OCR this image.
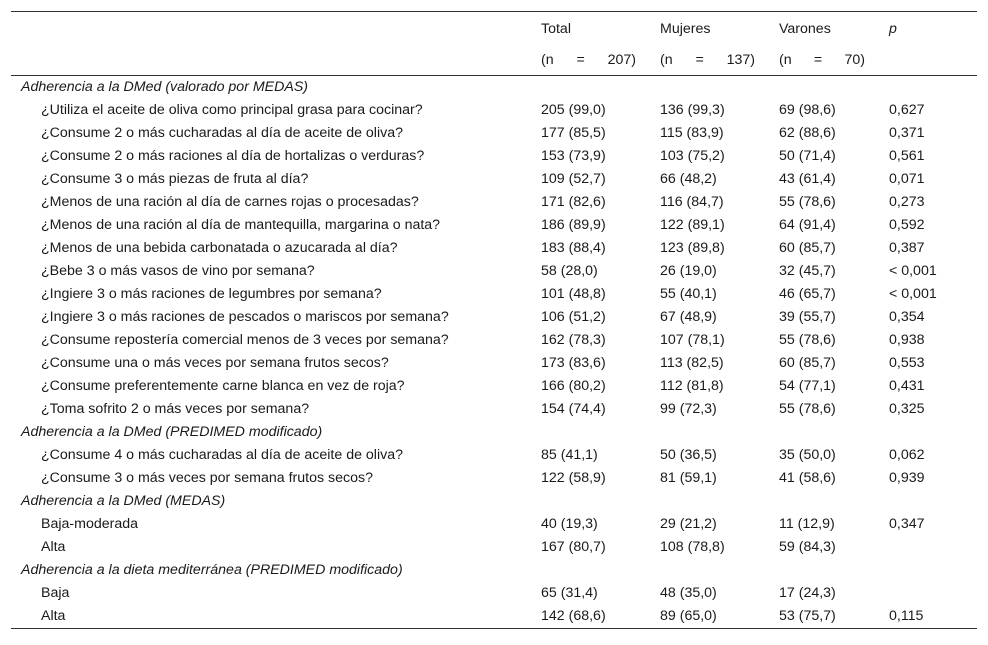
	Total	Mujeres	Varones	p

	(n = 207)	(n = 137)	(n = 70)	

Adherencia a la DMed (valorado por MEDAS)				
¿Utiliza el aceite de oliva como principal grasa para cocinar?	205 (99,0)	136 (99,3)	69 (98,6)	0,627
¿Consume 2 o más cucharadas al día de aceite de oliva?	177 (85,5)	115 (83,9)	62 (88,6)	0,371
¿Consume 2 o más raciones al día de hortalizas o verduras?	153 (73,9)	103 (75,2)	50 (71,4)	0,561
¿Consume 3 o más piezas de fruta al día?	109 (52,7)	66 (48,2)	43 (61,4)	0,071
¿Menos de una ración al día de carnes rojas o procesadas?	171 (82,6)	116 (84,7)	55 (78,6)	0,273
¿Menos de una ración al día de mantequilla, margarina o nata?	186 (89,9)	122 (89,1)	64 (91,4)	0,592
¿Menos de una bebida carbonatada o azucarada al día?	183 (88,4)	123 (89,8)	60 (85,7)	0,387
¿Bebe 3 o más vasos de vino por semana?	58 (28,0)	26 (19,0)	32 (45,7)	< 0,001
¿Ingiere 3 o más raciones de legumbres por semana?	101 (48,8)	55 (40,1)	46 (65,7)	< 0,001
¿Ingiere 3 o más raciones de pescados o mariscos por semana?	106 (51,2)	67 (48,9)	39 (55,7)	0,354
¿Consume repostería comercial menos de 3 veces por semana?	162 (78,3)	107 (78,1)	55 (78,6)	0,938
¿Consume una o más veces por semana frutos secos?	173 (83,6)	113 (82,5)	60 (85,7)	0,553
¿Consume preferentemente carne blanca en vez de roja?	166 (80,2)	112 (81,8)	54 (77,1)	0,431
¿Toma sofrito 2 o más veces por semana?	154 (74,4)	99 (72,3)	55 (78,6)	0,325
Adherencia a la DMed (PREDIMED modificado)				
¿Consume 4 o más cucharadas al día de aceite de oliva?	85 (41,1)	50 (36,5)	35 (50,0)	0,062
¿Consume 3 o más veces por semana frutos secos?	122 (58,9)	81 (59,1)	41 (58,6)	0,939
Adherencia a la DMed (MEDAS)				
Baja-moderada	40 (19,3)	29 (21,2)	11 (12,9)	0,347
Alta	167 (80,7)	108 (78,8)	59 (84,3)	
Adherencia a la dieta mediterránea (PREDIMED modificado)				
Baja	65 (31,4)	48 (35,0)	17 (24,3)	
Alta	142 (68,6)	89 (65,0)	53 (75,7)	0,115
